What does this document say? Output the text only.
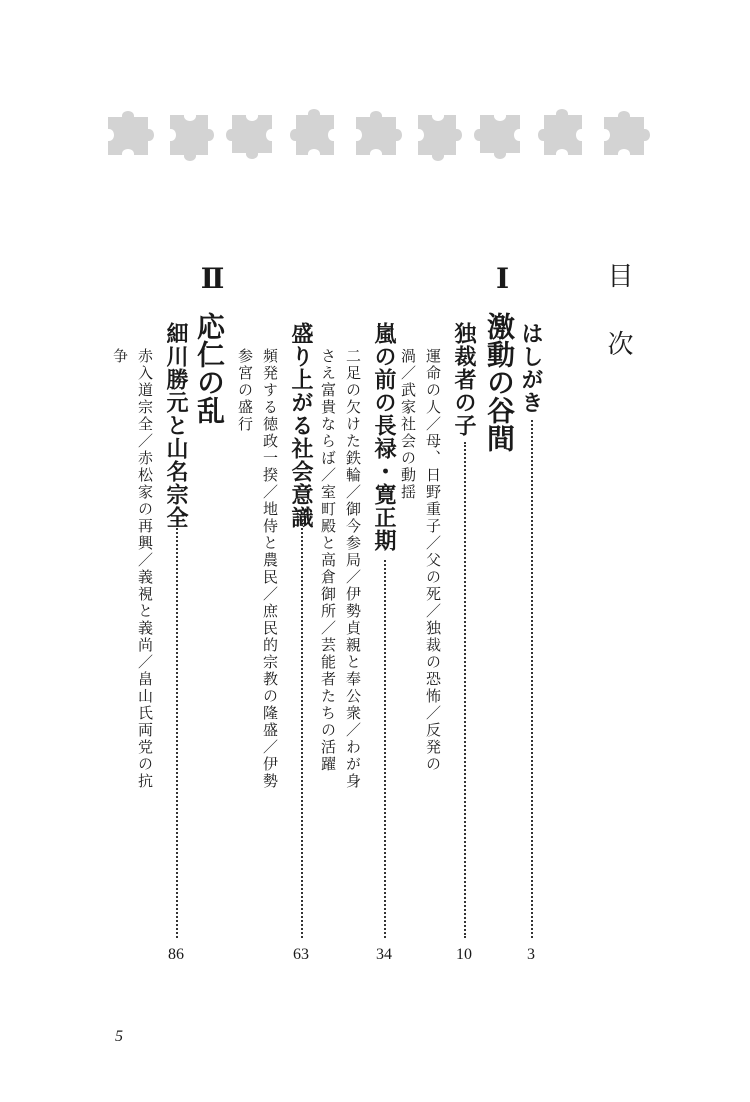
目 次
はしがき
3
Ⅰ
激動の谷間
独裁者の子
10
運命の人／母、日野重子／父の死／独裁の恐怖／反発の
渦／武家社会の動揺
嵐の前の長禄・寛正期
34
二足の欠けた鉄輪／御今参局／伊勢貞親と奉公衆／わが身
さえ富貴ならば／室町殿と高倉御所／芸能者たちの活躍
盛り上がる社会意識
63
頻発する徳政一揆／地侍と農民／庶民的宗教の隆盛／伊勢
参宮の盛行
Ⅱ
応仁の乱
細川勝元と山名宗全
86
赤入道宗全／赤松家の再興／義視と義尚／畠山氏両党の抗
争
5
